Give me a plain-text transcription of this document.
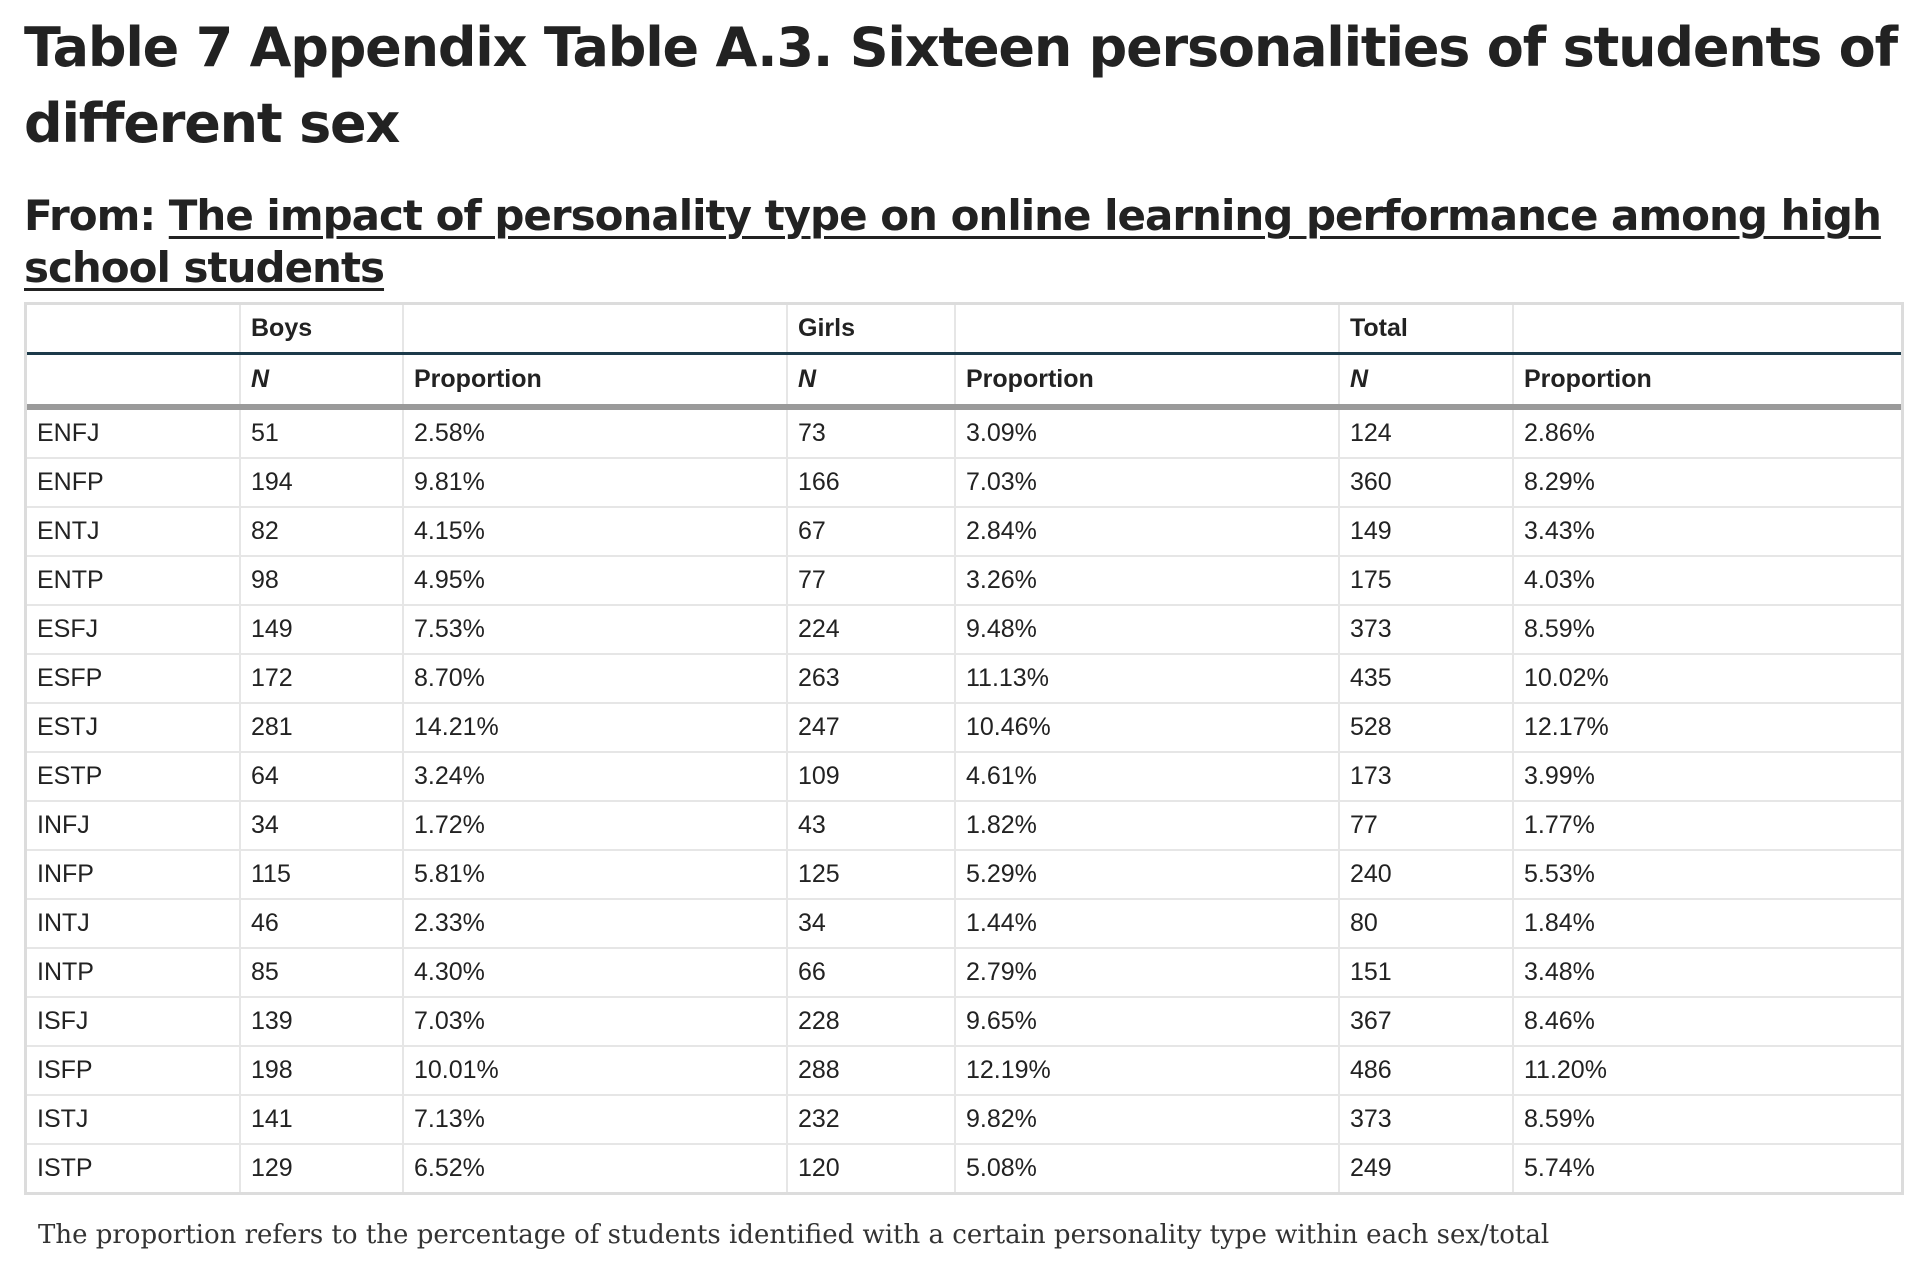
Table 7 Appendix Table A.3. Sixteen personalities of students of different sex

From: The impact of personality type on online learning performance among high school students

	Boys		Girls		Total	
	N	Proportion	N	Proportion	N	Proportion
ENFJ	51	2.58%	73	3.09%	124	2.86%
ENFP	194	9.81%	166	7.03%	360	8.29%
ENTJ	82	4.15%	67	2.84%	149	3.43%
ENTP	98	4.95%	77	3.26%	175	4.03%
ESFJ	149	7.53%	224	9.48%	373	8.59%
ESFP	172	8.70%	263	11.13%	435	10.02%
ESTJ	281	14.21%	247	10.46%	528	12.17%
ESTP	64	3.24%	109	4.61%	173	3.99%
INFJ	34	1.72%	43	1.82%	77	1.77%
INFP	115	5.81%	125	5.29%	240	5.53%
INTJ	46	2.33%	34	1.44%	80	1.84%
INTP	85	4.30%	66	2.79%	151	3.48%
ISFJ	139	7.03%	228	9.65%	367	8.46%
ISFP	198	10.01%	288	12.19%	486	11.20%
ISTJ	141	7.13%	232	9.82%	373	8.59%
ISTP	129	6.52%	120	5.08%	249	5.74%

The proportion refers to the percentage of students identified with a certain personality type within each sex/total
